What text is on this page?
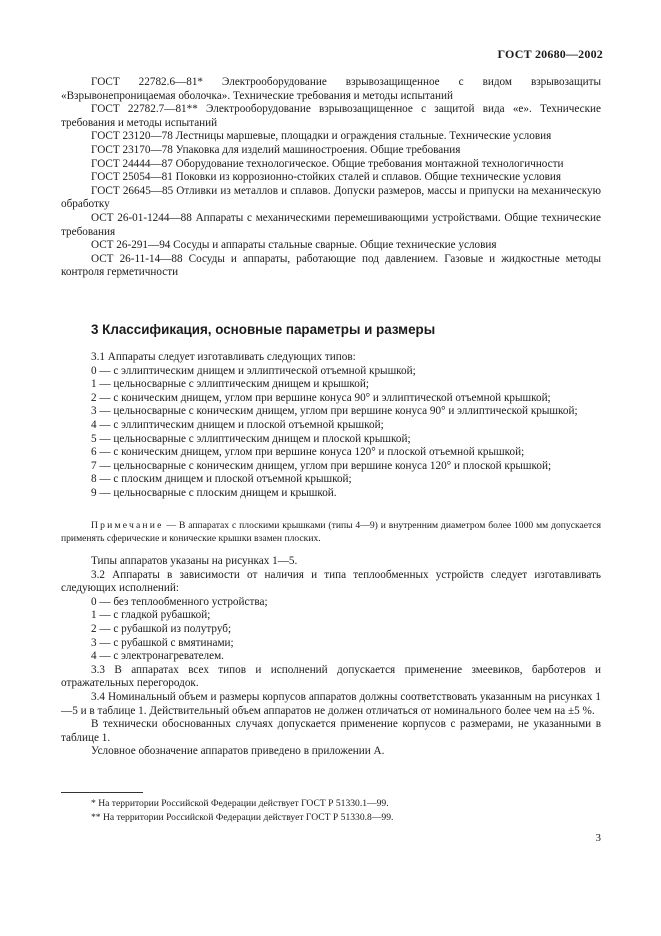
ГОСТ 20680—2002

ГОСТ 22782.6—81* Электрооборудование взрывозащищенное с видом взрывозащиты «Взрывонепроницаемая оболочка». Технические требования и методы испытаний

ГОСТ 22782.7—81** Электрооборудование взрывозащищенное с защитой вида «е». Технические требования и методы испытаний

ГОСТ 23120—78 Лестницы маршевые, площадки и ограждения стальные. Технические условия

ГОСТ 23170—78 Упаковка для изделий машиностроения. Общие требования

ГОСТ 24444—87 Оборудование технологическое. Общие требования монтажной технологичности

ГОСТ 25054—81 Поковки из коррозионно-стойких сталей и сплавов. Общие технические условия

ГОСТ 26645—85 Отливки из металлов и сплавов. Допуски размеров, массы и припуски на механическую обработку

ОСТ 26-01-1244—88 Аппараты с механическими перемешивающими устройствами. Общие технические требования

ОСТ 26-291—94 Сосуды и аппараты стальные сварные. Общие технические условия

ОСТ 26-11-14—88 Сосуды и аппараты, работающие под давлением. Газовые и жидкостные методы контроля герметичности

3 Классификация, основные параметры и размеры

3.1 Аппараты следует изготавливать следующих типов:

0 — с эллиптическим днищем и эллиптической отъемной крышкой;

1 — цельносварные с эллиптическим днищем и крышкой;

2 — с коническим днищем, углом при вершине конуса 90° и эллиптической отъемной крышкой;

3 — цельносварные с коническим днищем, углом при вершине конуса 90° и эллиптической крышкой;

4 — с эллиптическим днищем и плоской отъемной крышкой;

5 — цельносварные с эллиптическим днищем и плоской крышкой;

6 — с коническим днищем, углом при вершине конуса 120° и плоской отъемной крышкой;

7 — цельносварные с коническим днищем, углом при вершине конуса 120° и плоской крышкой;

8 — с плоским днищем и плоской отъемной крышкой;

9 — цельносварные с плоским днищем и крышкой.

Примечание — В аппаратах с плоскими крышками (типы 4—9) и внутренним диаметром более 1000 мм допускается применять сферические и конические крышки взамен плоских.

Типы аппаратов указаны на рисунках 1—5.

3.2 Аппараты в зависимости от наличия и типа теплообменных устройств следует изготавливать следующих исполнений:

0 — без теплообменного устройства;

1 — с гладкой рубашкой;

2 — с рубашкой из полутруб;

3 — с рубашкой с вмятинами;

4 — с электронагревателем.

3.3 В аппаратах всех типов и исполнений допускается применение змеевиков, барботеров и отражательных перегородок.

3.4 Номинальный объем и размеры корпусов аппаратов должны соответствовать указанным на рисунках 1—5 и в таблице 1. Действительный объем аппаратов не должен отличаться от номинального более чем на ±5 %.

В технически обоснованных случаях допускается применение корпусов с размерами, не указанными в таблице 1.

Условное обозначение аппаратов приведено в приложении А.

* На территории Российской Федерации действует ГОСТ Р 51330.1—99.
** На территории Российской Федерации действует ГОСТ Р 51330.8—99.
3
